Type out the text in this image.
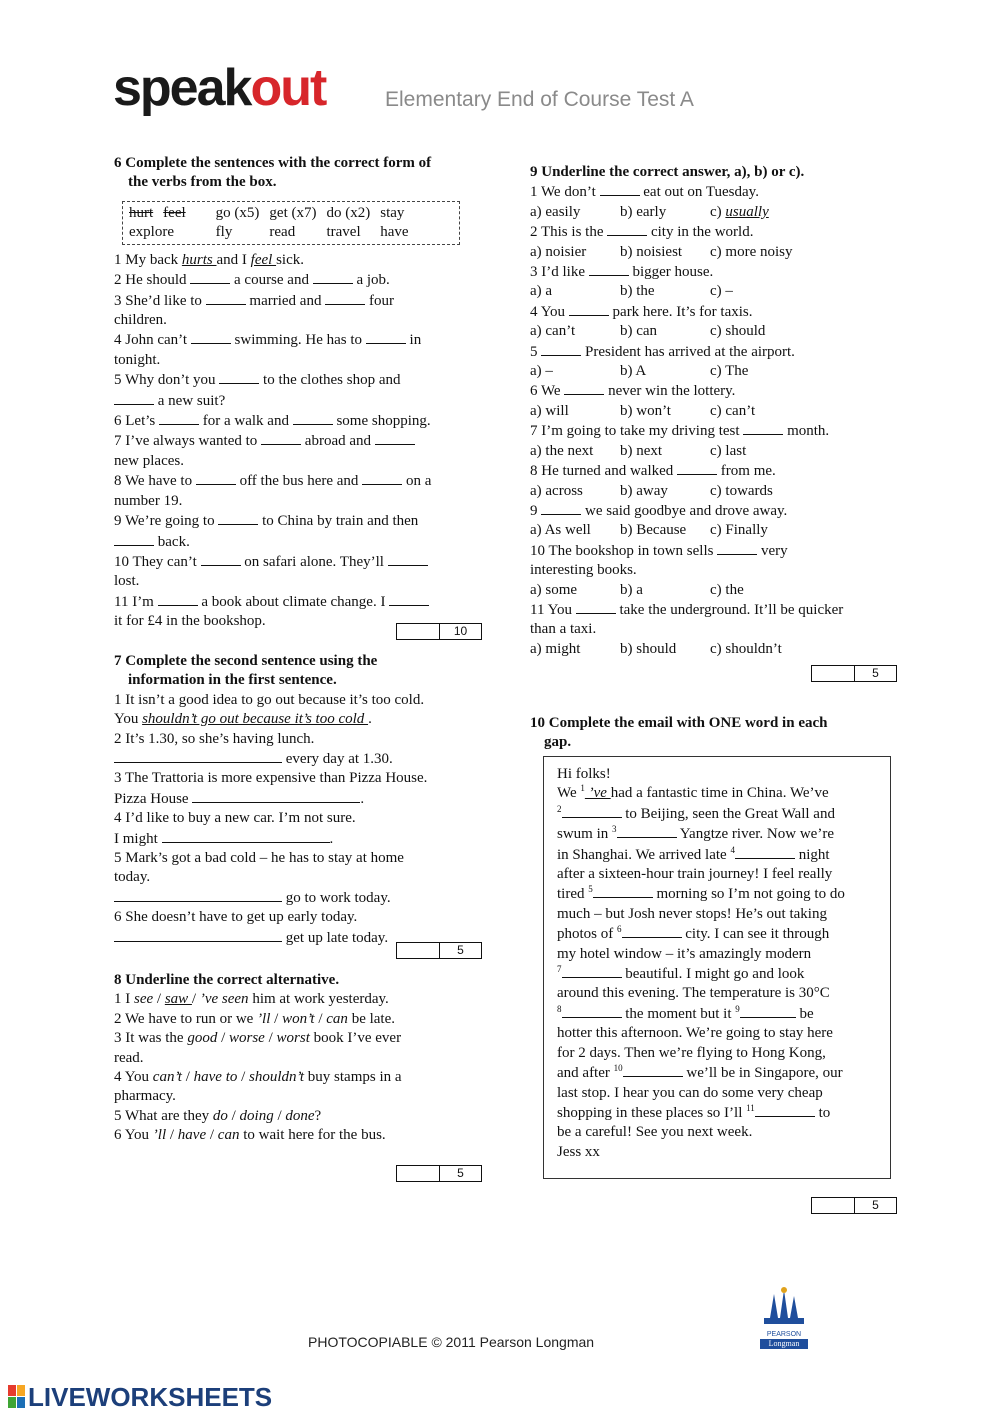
speakout	Elementary End of Course Test A

6 Complete the sentences with the correct form of

the verbs from the box.

hurt	feel	go (x5)	get (x7)	do (x2)	stay
explore		fly	read	travel	have

1 My back hurts and I feel sick.

2 He should	a course and	a job.

3 She’d like to	married and	four

children.

4 John can’t	swimming. He has to	in

tonight.

5 Why don’t you	to the clothes shop and

a new suit?

6 Let’s	for a walk and	some shopping.

7 I’ve always wanted to	abroad and

new places.

8 We have to	off the bus here and	on a

number 19.

9 We’re going to	to China by train and then

back.

10 They can’t	on safari alone. They’ll

lost.

11 I’m	a book about climate change. I

it for £4 in the bookshop.

10

7 Complete the second sentence using the

information in the first sentence.

1 It isn’t a good idea to go out because it’s too cold.

You shouldn’t go out because it’s too cold .

2 It’s 1.30, so she’s having lunch.

every day at 1.30.

3 The Trattoria is more expensive than Pizza House.

Pizza House	.

4 I’d like to buy a new car. I’m not sure.

I might	.

5 Mark’s got a bad cold – he has to stay at home

today.

go to work today.

6 She doesn’t have to get up early today.

get up late today.

5

8 Underline the correct alternative.

1 I see / saw / ’ve seen him at work yesterday.

2 We have to run or we ’ll / won’t / can be late.

3 It was the good / worse / worst book I’ve ever

read.

4 You can’t / have to / shouldn’t buy stamps in a

pharmacy.

5 What are they do / doing / done?

6 You ’ll / have / can to wait here for the bus.

5

9 Underline the correct answer, a), b) or c).

1 We don’t	eat out on Tuesday.

a) easily	b) early	c) usually

2 This is the	city in the world.

a) noisier b) noisiest c) more noisy

3 I’d like	bigger house.

a) a	b) the	c) –

4 You	park here. It’s for taxis.

a) can’t	b) can	c) should

5	President has arrived at the airport.

a) –	b) A	c) The

6 We	never win the lottery.

a) will	b) won’t	c) can’t

7 I’m going to take my driving test	month.

a) the next b) next	c) last

8 He turned and walked	from me.

a) across b) away	c) towards

9	we said goodbye and drove away.

a) As well b) Because c) Finally

10 The bookshop in town sells	very

interesting books.

a) some	b) a	c) the

11 You	take the underground. It’ll be quicker

than a taxi.

a) might	b) should c) shouldn’t

5

10 Complete the email with ONE word in each

gap.

Hi folks!

We $^1$ ’ve had a fantastic time in China. We’ve

$^2$	to Beijing, seen the Great Wall and

swum in $^3$	Yangtze river. Now we’re

in Shanghai. We arrived late $^4$	night

after a sixteen-hour train journey! I feel really

tired $^5$	morning so I’m not going to do

much – but Josh never stops! He’s out taking

photos of $^6$	city. I can see it through

my hotel window – it’s amazingly modern

$^7$	beautiful. I might go and look

around this evening. The temperature is 30°C

$^8$	the moment but it $^9$	be

hotter this afternoon. We’re going to stay here

for 2 days. Then we’re flying to Hong Kong,

and after $^{10}$	we’ll be in Singapore, our

last stop. I hear you can do some very cheap

shopping in these places so I’ll $^{11}$	to

be a careful! See you next week.

Jess xx

5
PEARSON
Longman
PHOTOCOPIABLE © 2011 Pearson Longman
LIVEWORKSHEETS
